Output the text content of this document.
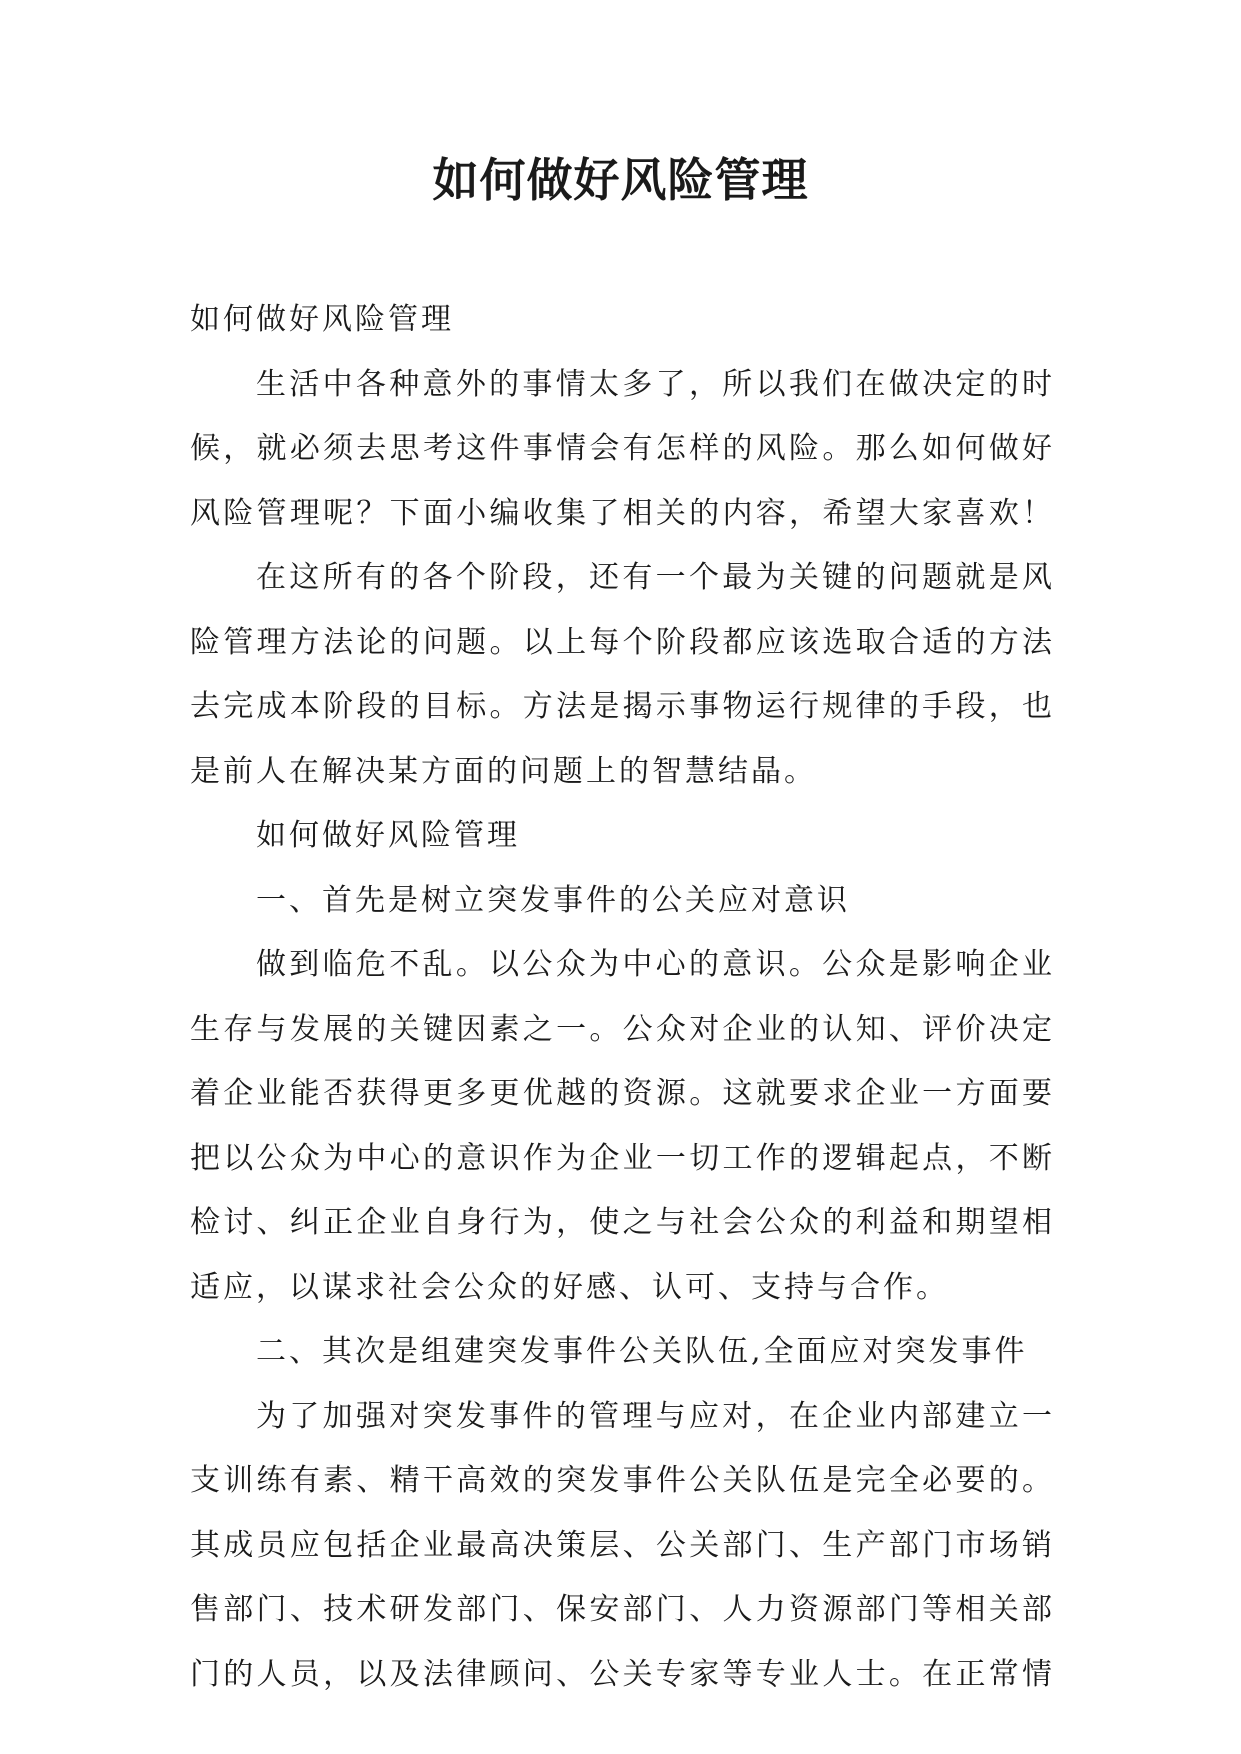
如何做好风险管理
如何做好风险管理
生活中各种意外的事情太多了，所以我们在做决定的时
候，就必须去思考这件事情会有怎样的风险。那么如何做好
风险管理呢？下面小编收集了相关的内容，希望大家喜欢！
在这所有的各个阶段，还有一个最为关键的问题就是风
险管理方法论的问题。以上每个阶段都应该选取合适的方法
去完成本阶段的目标。方法是揭示事物运行规律的手段，也
是前人在解决某方面的问题上的智慧结晶。
如何做好风险管理
一、首先是树立突发事件的公关应对意识
做到临危不乱。以公众为中心的意识。公众是影响企业
生存与发展的关键因素之一。公众对企业的认知、评价决定
着企业能否获得更多更优越的资源。这就要求企业一方面要
把以公众为中心的意识作为企业一切工作的逻辑起点，不断
检讨、纠正企业自身行为，使之与社会公众的利益和期望相
适应，以谋求社会公众的好感、认可、支持与合作。
二、其次是组建突发事件公关队伍,全面应对突发事件
为了加强对突发事件的管理与应对，在企业内部建立一
支训练有素、精干高效的突发事件公关队伍是完全必要的。
其成员应包括企业最高决策层、公关部门、生产部门市场销
售部门、技术研发部门、保安部门、人力资源部门等相关部
门的人员，以及法律顾问、公关专家等专业人士。在正常情
